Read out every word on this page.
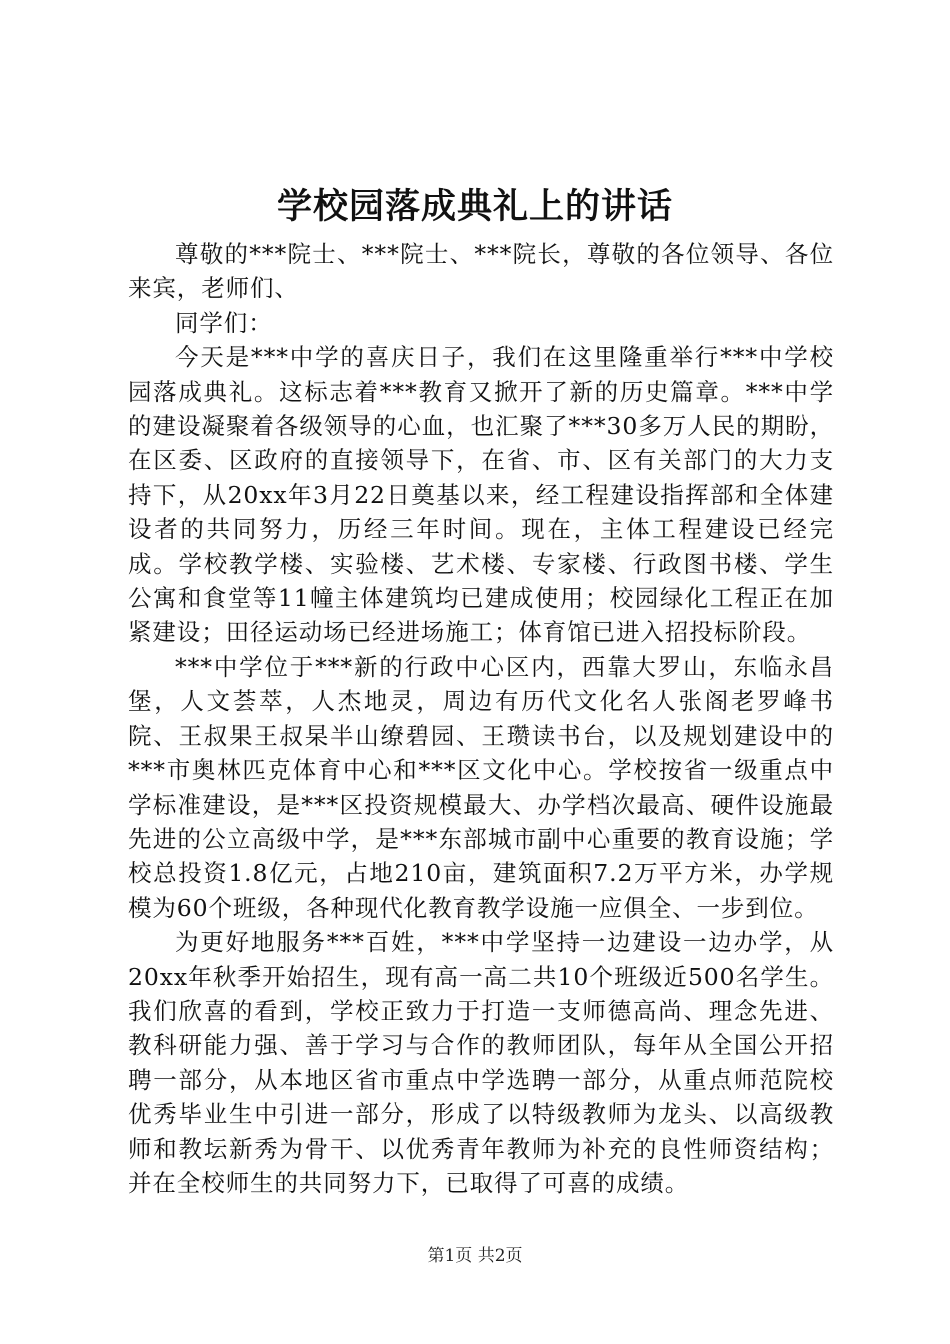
学校园落成典礼上的讲话

尊敬的***院士、***院士、***院长，尊敬的各位领导、各位来宾，老师们、

同学们：

今天是***中学的喜庆日子，我们在这里隆重举行***中学校园落成典礼。这标志着***教育又掀开了新的历史篇章。***中学的建设凝聚着各级领导的心血，也汇聚了***30多万人民的期盼，在区委、区政府的直接领导下，在省、市、区有关部门的大力支持下，从20xx年3月22日奠基以来，经工程建设指挥部和全体建设者的共同努力，历经三年时间。现在，主体工程建设已经完成。学校教学楼、实验楼、艺术楼、专家楼、行政图书楼、学生公寓和食堂等11幢主体建筑均已建成使用；校园绿化工程正在加紧建设；田径运动场已经进场施工；体育馆已进入招投标阶段。

***中学位于***新的行政中心区内，西靠大罗山，东临永昌堡，人文荟萃，人杰地灵，周边有历代文化名人张阁老罗峰书院、王叔果王叔杲半山缭碧园、王瓒读书台，以及规划建设中的***市奥林匹克体育中心和***区文化中心。学校按省一级重点中学标准建设，是***区投资规模最大、办学档次最高、硬件设施最先进的公立高级中学，是***东部城市副中心重要的教育设施；学校总投资1.8亿元，占地210亩，建筑面积7.2万平方米，办学规模为60个班级，各种现代化教育教学设施一应俱全、一步到位。

为更好地服务***百姓，***中学坚持一边建设一边办学，从20xx年秋季开始招生，现有高一高二共10个班级近500名学生。我们欣喜的看到，学校正致力于打造一支师德高尚、理念先进、教科研能力强、善于学习与合作的教师团队，每年从全国公开招聘一部分，从本地区省市重点中学选聘一部分，从重点师范院校优秀毕业生中引进一部分，形成了以特级教师为龙头、以高级教师和教坛新秀为骨干、以优秀青年教师为补充的良性师资结构；并在全校师生的共同努力下，已取得了可喜的成绩。

第1页 共2页
